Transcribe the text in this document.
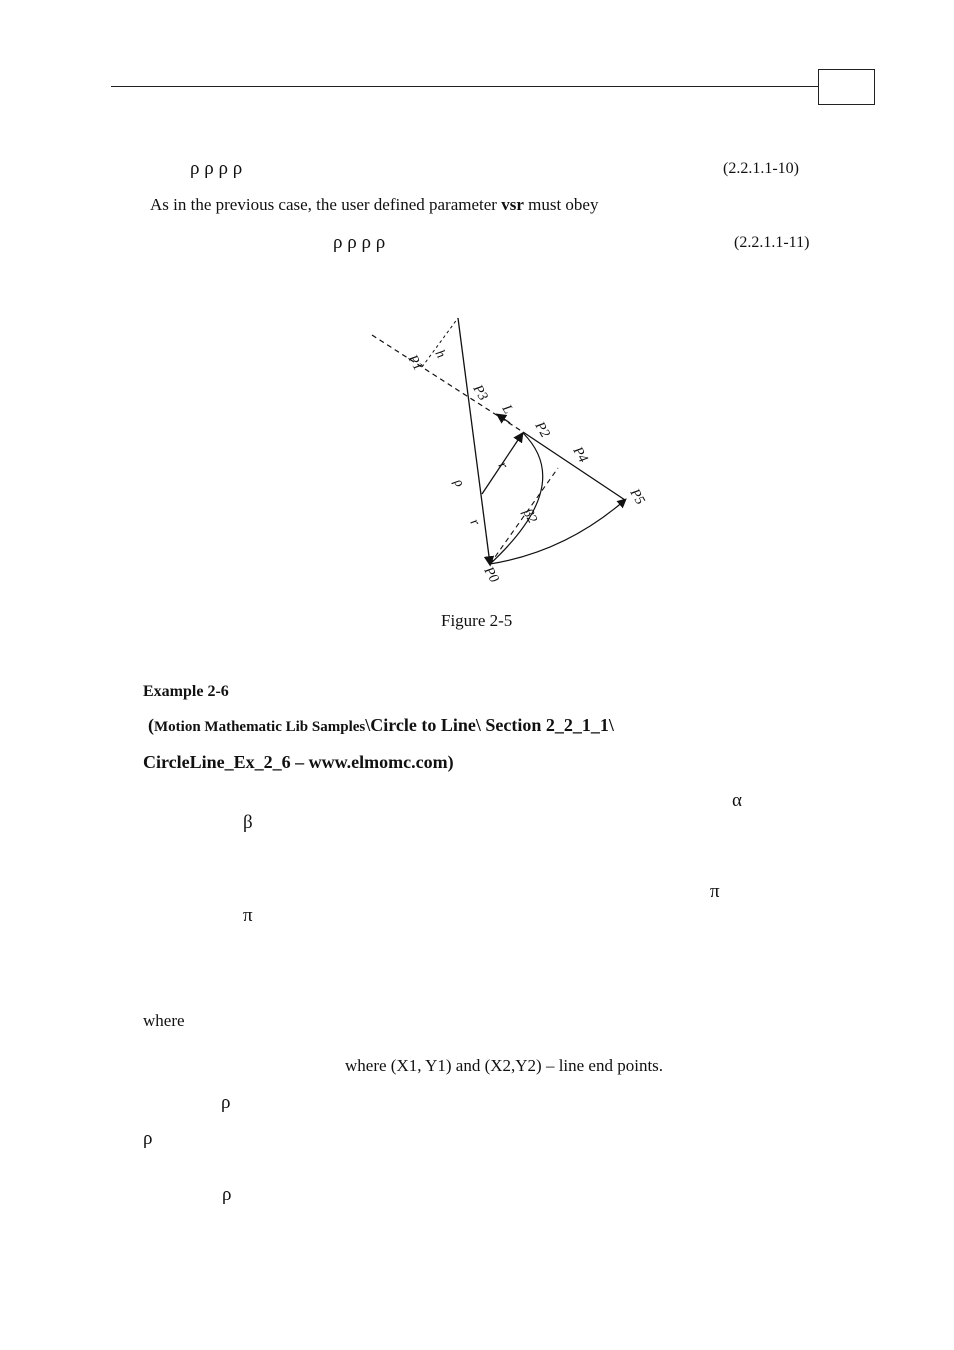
ρ ρ ρ ρ	(2.2.1.1-10)
As in the previous case, the user defined parameter vsr must obey
ρ ρ ρ ρ	(2.2.1.1-11)
P1 h
P3
L
P2
P4
P5
P0
ρ
r
r	β2
Figure 2-5
Example 2-6
(Motion Mathematic Lib Samples\Circle to Line\ Section 2_2_1_1\
CircleLine_Ex_2_6 – www.elmomc.com)
α
β
π
π
where
where (X1, Y1) and (X2,Y2) – line end points.
ρ
ρ
ρ
